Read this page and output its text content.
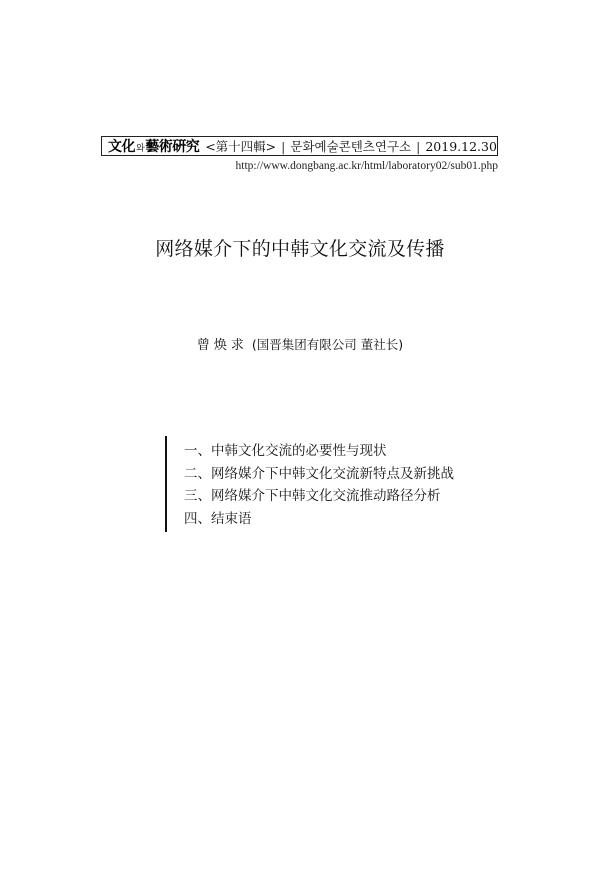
文化와藝術硏究 <第十四輯> | 문화예술콘텐츠연구소 | 2019.12.30
http://www.dongbang.ac.kr/html/laboratory02/sub01.php
网络媒介下的中韩文化交流及传播
曾焕求 (国晋集团有限公司 董社长)
一、中韩文化交流的必要性与现状
二、网络媒介下中韩文化交流新特点及新挑战
三、网络媒介下中韩文化交流推动路径分析
四、结束语
